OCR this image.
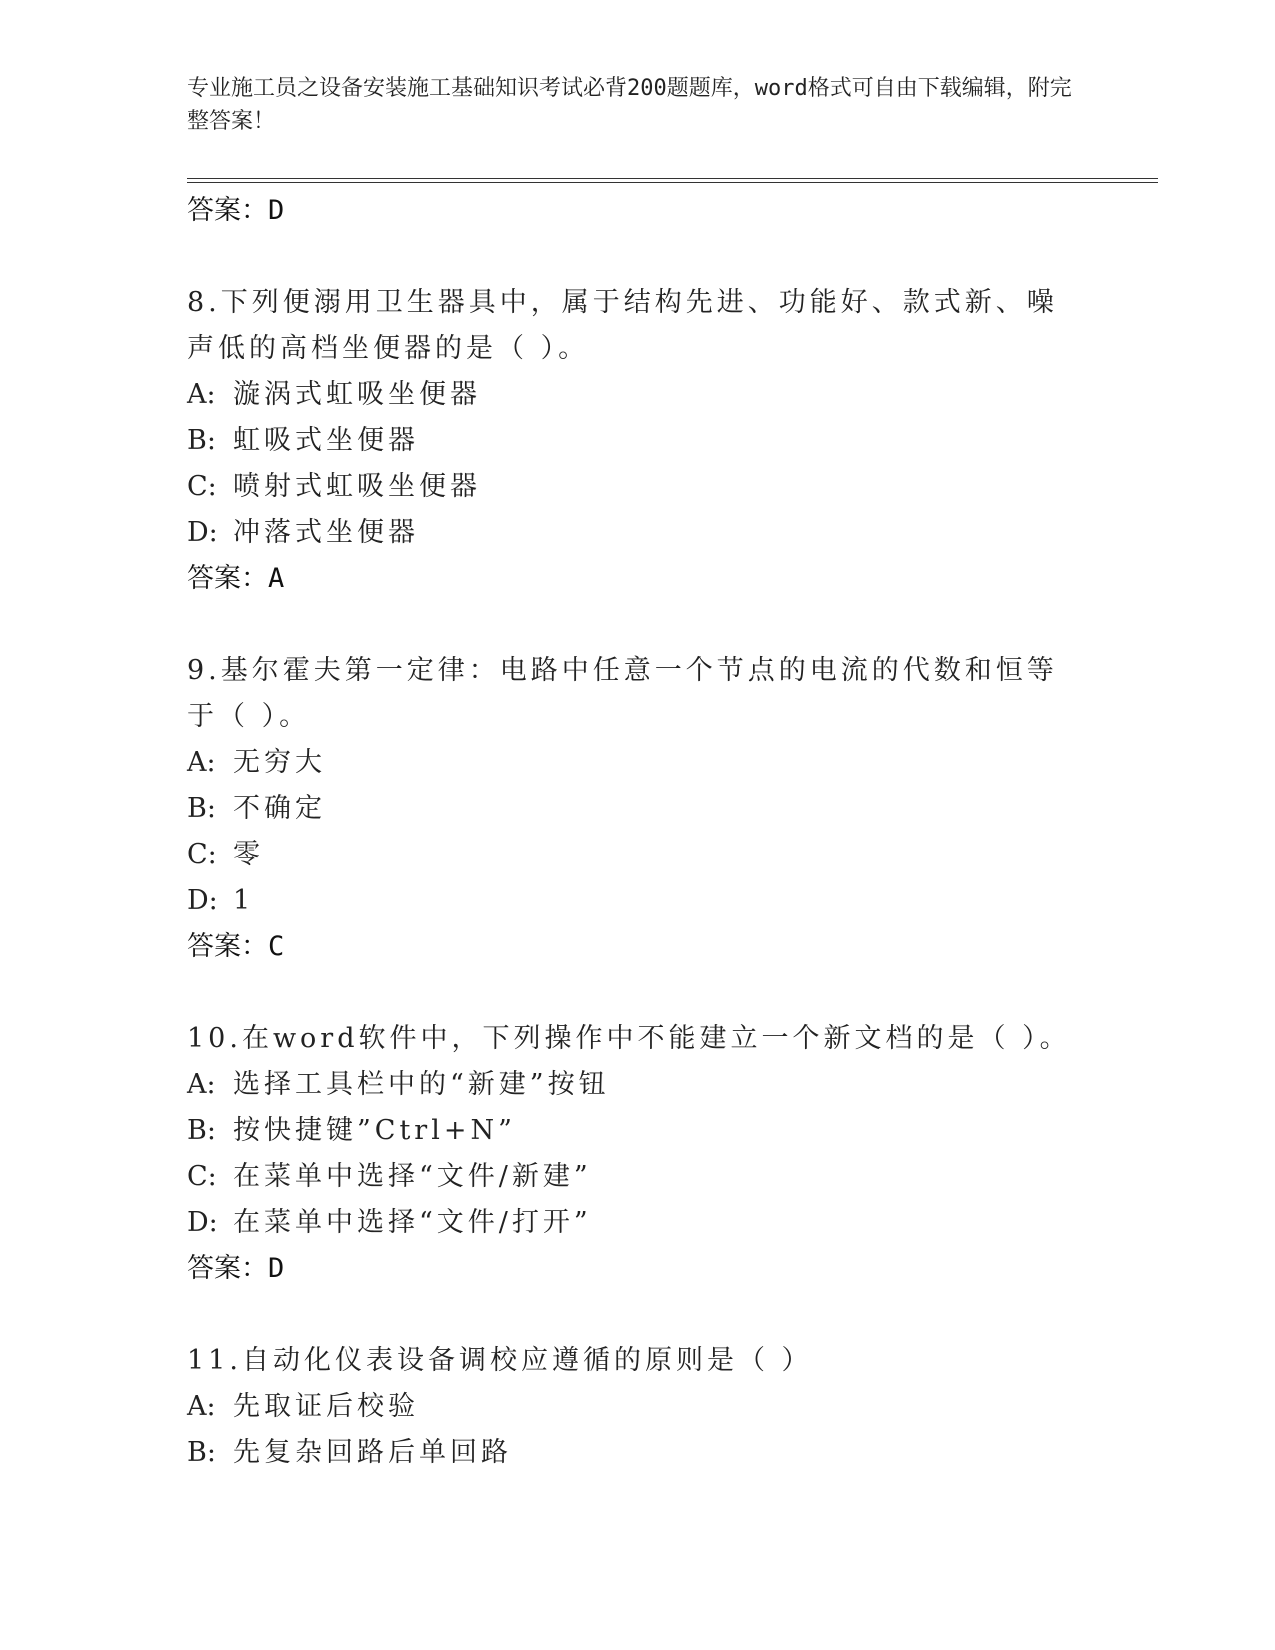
专业施工员之设备安装施工基础知识考试必背200题题库，word格式可自由下载编辑，附完整答案！
答案：D
8.下列便溺用卫生器具中，属于结构先进、功能好、款式新、噪声低的高档坐便器的是（ ）。
A: 漩涡式虹吸坐便器
B: 虹吸式坐便器
C: 喷射式虹吸坐便器
D: 冲落式坐便器
答案：A
9.基尔霍夫第一定律：电路中任意一个节点的电流的代数和恒等于（ ）。
A: 无穷大
B: 不确定
C: 零
D: 1
答案：C
10.在word软件中，下列操作中不能建立一个新文档的是（ ）。
A: 选择工具栏中的“新建”按钮
B: 按快捷键”Ctrl+N”
C: 在菜单中选择“文件/新建”
D: 在菜单中选择“文件/打开”
答案：D
11.自动化仪表设备调校应遵循的原则是（ ）
A: 先取证后校验
B: 先复杂回路后单回路
